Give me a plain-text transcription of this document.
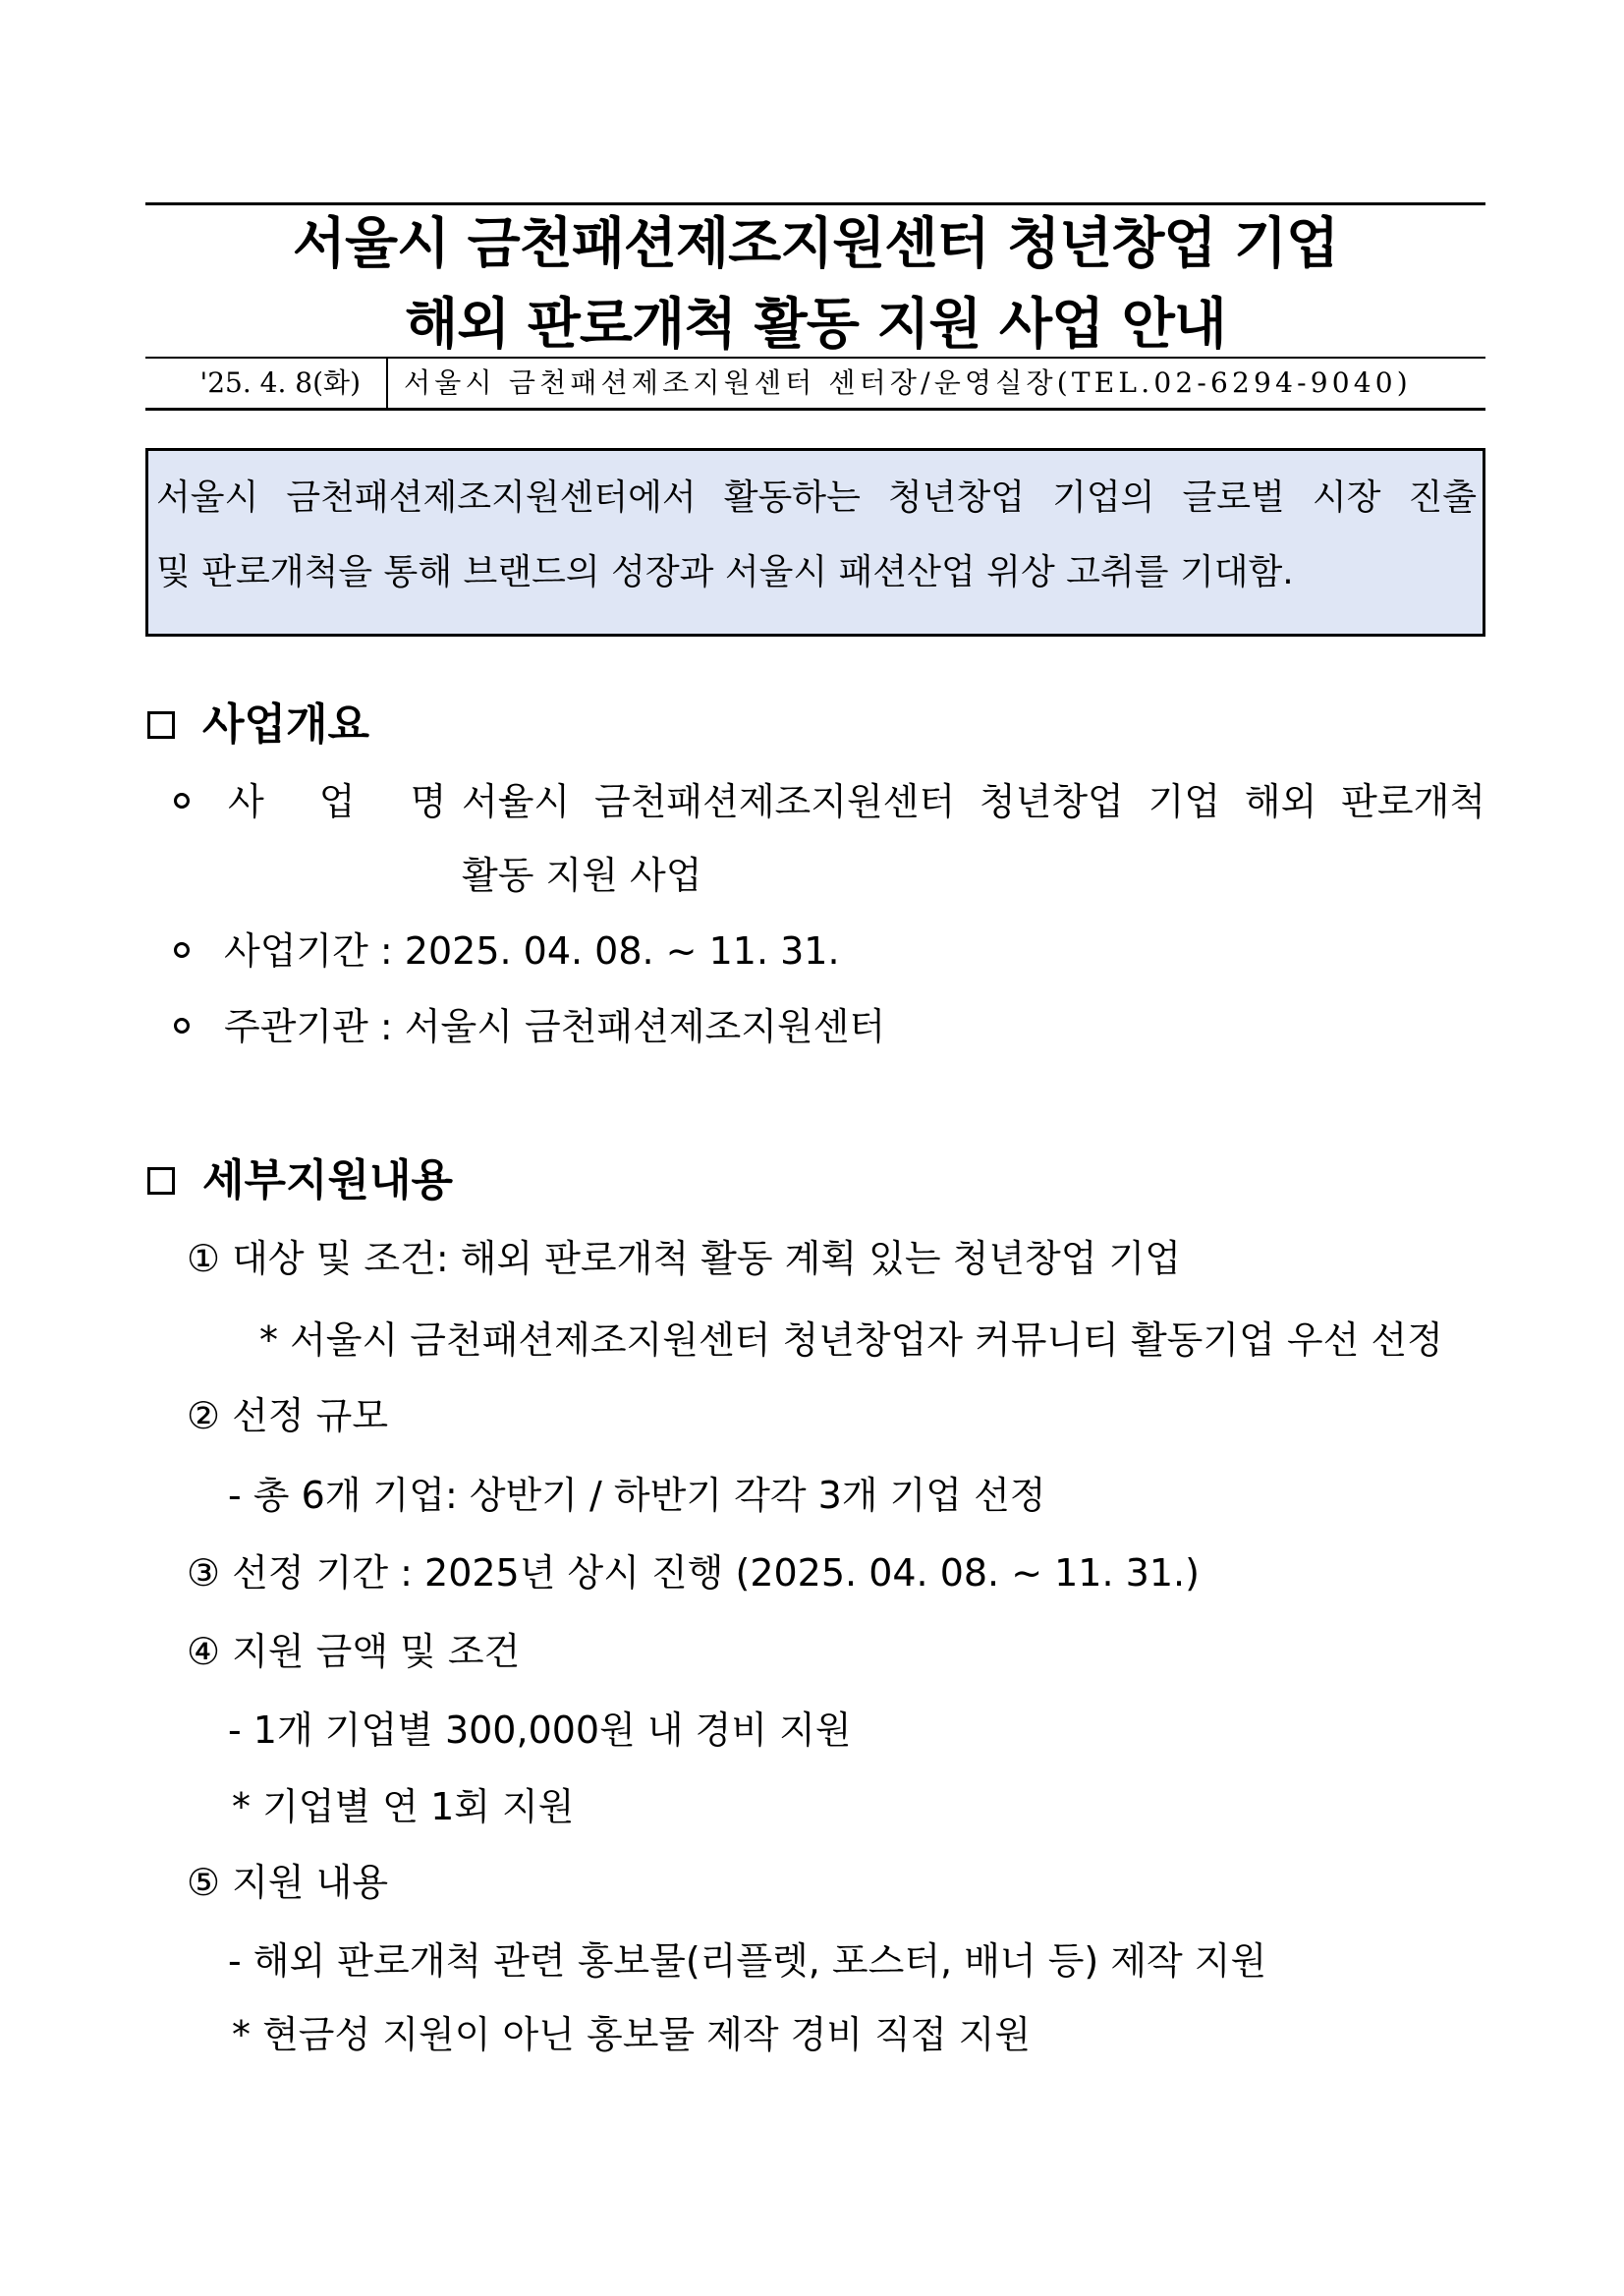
서울시 금천패션제조지원센터 청년창업 기업
해외 판로개척 활동 지원 사업 안내
'25. 4. 8(화)	서울시 금천패션제조지원센터 센터장/운영실장(TEL.02-6294-9040)
서울시 금천패션제조지원센터에서 활동하는 청년창업 기업의 글로벌 시장 진출
및 판로개척을 통해 브랜드의 성장과 서울시 패션산업 위상 고취를 기대함.
사업개요
사 업 명 :
서울시 금천패션제조지원센터 청년창업 기업 해외 판로개척
활동 지원 사업
사업기간 : 2025. 04. 08. ~ 11. 31.
주관기관 : 서울시 금천패션제조지원센터
세부지원내용
① 대상 및 조건: 해외 판로개척 활동 계획 있는 청년창업 기업
* 서울시 금천패션제조지원센터 청년창업자 커뮤니티 활동기업 우선 선정
② 선정 규모
- 총 6개 기업: 상반기 / 하반기 각각 3개 기업 선정
③ 선정 기간 : 2025년 상시 진행 (2025. 04. 08. ~ 11. 31.)
④ 지원 금액 및 조건
- 1개 기업별 300,000원 내 경비 지원
* 기업별 연 1회 지원
⑤ 지원 내용
- 해외 판로개척 관련 홍보물(리플렛, 포스터, 배너 등) 제작 지원
* 현금성 지원이 아닌 홍보물 제작 경비 직접 지원
